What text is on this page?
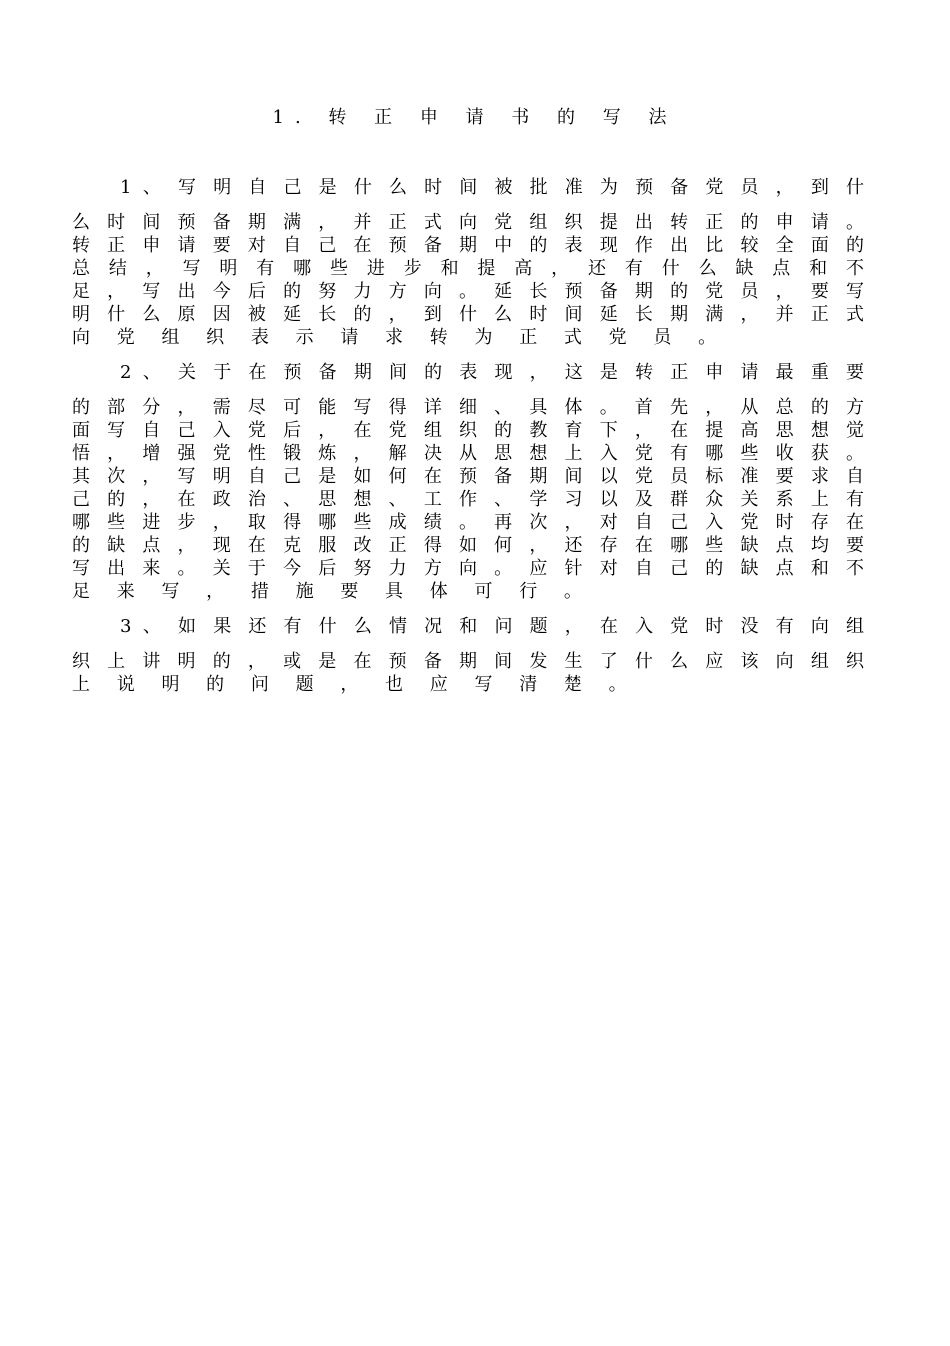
1. 转 正 申 请 书 的 写 法
1 、 写 明 自 己 是 什 么 时 间 被 批 准 为 预 备 党 员 ， 到 什
么 时 间 预 备 期 满 ， 并 正 式 向 党 组 织 提 出 转 正 的 申 请 。
转 正 申 请 要 对 自 己 在 预 备 期 中 的 表 现 作 出 比 较 全 面 的
总 结 ， 写 明 有 哪 些 进 步 和 提 高 ， 还 有 什 么 缺 点 和 不
足 ， 写 出 今 后 的 努 力 方 向 。 延 长 预 备 期 的 党 员 ， 要 写
明 什 么 原 因 被 延 长 的 ， 到 什 么 时 间 延 长 期 满 ， 并 正 式
向 党 组 织 表 示 请 求 转 为 正 式 党 员 。
2 、 关 于 在 预 备 期 间 的 表 现 ， 这 是 转 正 申 请 最 重 要
的 部 分 ， 需 尽 可 能 写 得 详 细 、 具 体 。 首 先 ， 从 总 的 方
面 写 自 己 入 党 后 ， 在 党 组 织 的 教 育 下 ， 在 提 高 思 想 觉
悟 ， 增 强 党 性 锻 炼 ， 解 决 从 思 想 上 入 党 有 哪 些 收 获 。
其 次 ， 写 明 自 己 是 如 何 在 预 备 期 间 以 党 员 标 准 要 求 自
己 的 ， 在 政 治 、 思 想 、 工 作 、 学 习 以 及 群 众 关 系 上 有
哪 些 进 步 ， 取 得 哪 些 成 绩 。 再 次 ， 对 自 己 入 党 时 存 在
的 缺 点 ， 现 在 克 服 改 正 得 如 何 ， 还 存 在 哪 些 缺 点 均 要
写 出 来 。 关 于 今 后 努 力 方 向 。 应 针 对 自 己 的 缺 点 和 不
足 来 写 ， 措 施 要 具 体 可 行 。
3 、 如 果 还 有 什 么 情 况 和 问 题 ， 在 入 党 时 没 有 向 组
织 上 讲 明 的 ， 或 是 在 预 备 期 间 发 生 了 什 么 应 该 向 组 织
上 说 明 的 问 题 ， 也 应 写 清 楚 。
